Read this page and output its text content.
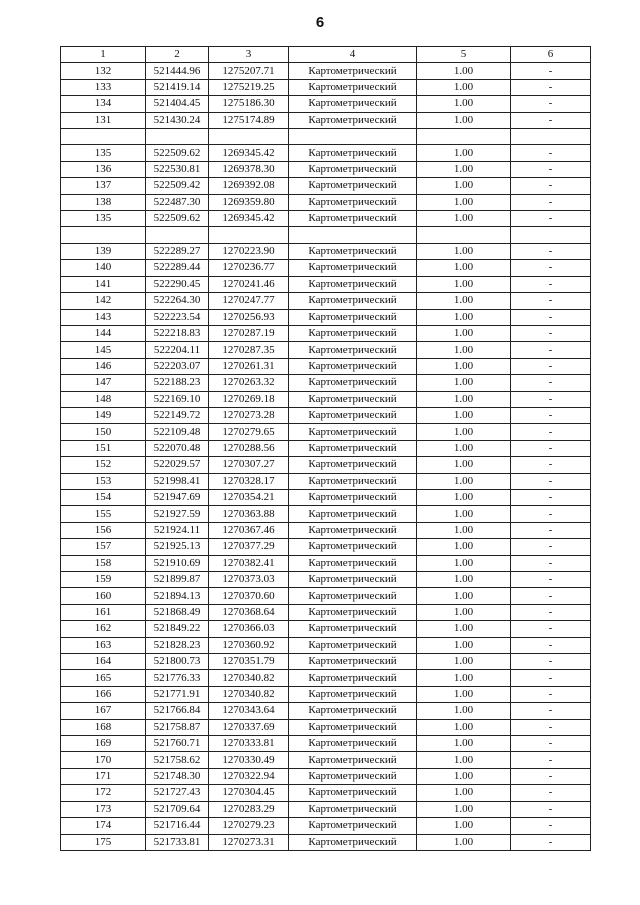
6
1	2	3	4	5	6
132	521444.96	1275207.71	Картометрический	1.00	-
133	521419.14	1275219.25	Картометрический	1.00	-
134	521404.45	1275186.30	Картометрический	1.00	-
131	521430.24	1275174.89	Картометрический	1.00	-

135	522509.62	1269345.42	Картометрический	1.00	-
136	522530.81	1269378.30	Картометрический	1.00	-
137	522509.42	1269392.08	Картометрический	1.00	-
138	522487.30	1269359.80	Картометрический	1.00	-
135	522509.62	1269345.42	Картометрический	1.00	-

139	522289.27	1270223.90	Картометрический	1.00	-
140	522289.44	1270236.77	Картометрический	1.00	-
141	522290.45	1270241.46	Картометрический	1.00	-
142	522264.30	1270247.77	Картометрический	1.00	-
143	522223.54	1270256.93	Картометрический	1.00	-
144	522218.83	1270287.19	Картометрический	1.00	-
145	522204.11	1270287.35	Картометрический	1.00	-
146	522203.07	1270261.31	Картометрический	1.00	-
147	522188.23	1270263.32	Картометрический	1.00	-
148	522169.10	1270269.18	Картометрический	1.00	-
149	522149.72	1270273.28	Картометрический	1.00	-
150	522109.48	1270279.65	Картометрический	1.00	-
151	522070.48	1270288.56	Картометрический	1.00	-
152	522029.57	1270307.27	Картометрический	1.00	-
153	521998.41	1270328.17	Картометрический	1.00	-
154	521947.69	1270354.21	Картометрический	1.00	-
155	521927.59	1270363.88	Картометрический	1.00	-
156	521924.11	1270367.46	Картометрический	1.00	-
157	521925.13	1270377.29	Картометрический	1.00	-
158	521910.69	1270382.41	Картометрический	1.00	-
159	521899.87	1270373.03	Картометрический	1.00	-
160	521894.13	1270370.60	Картометрический	1.00	-
161	521868.49	1270368.64	Картометрический	1.00	-
162	521849.22	1270366.03	Картометрический	1.00	-
163	521828.23	1270360.92	Картометрический	1.00	-
164	521800.73	1270351.79	Картометрический	1.00	-
165	521776.33	1270340.82	Картометрический	1.00	-
166	521771.91	1270340.82	Картометрический	1.00	-
167	521766.84	1270343.64	Картометрический	1.00	-
168	521758.87	1270337.69	Картометрический	1.00	-
169	521760.71	1270333.81	Картометрический	1.00	-
170	521758.62	1270330.49	Картометрический	1.00	-
171	521748.30	1270322.94	Картометрический	1.00	-
172	521727.43	1270304.45	Картометрический	1.00	-
173	521709.64	1270283.29	Картометрический	1.00	-
174	521716.44	1270279.23	Картометрический	1.00	-
175	521733.81	1270273.31	Картометрический	1.00	-
